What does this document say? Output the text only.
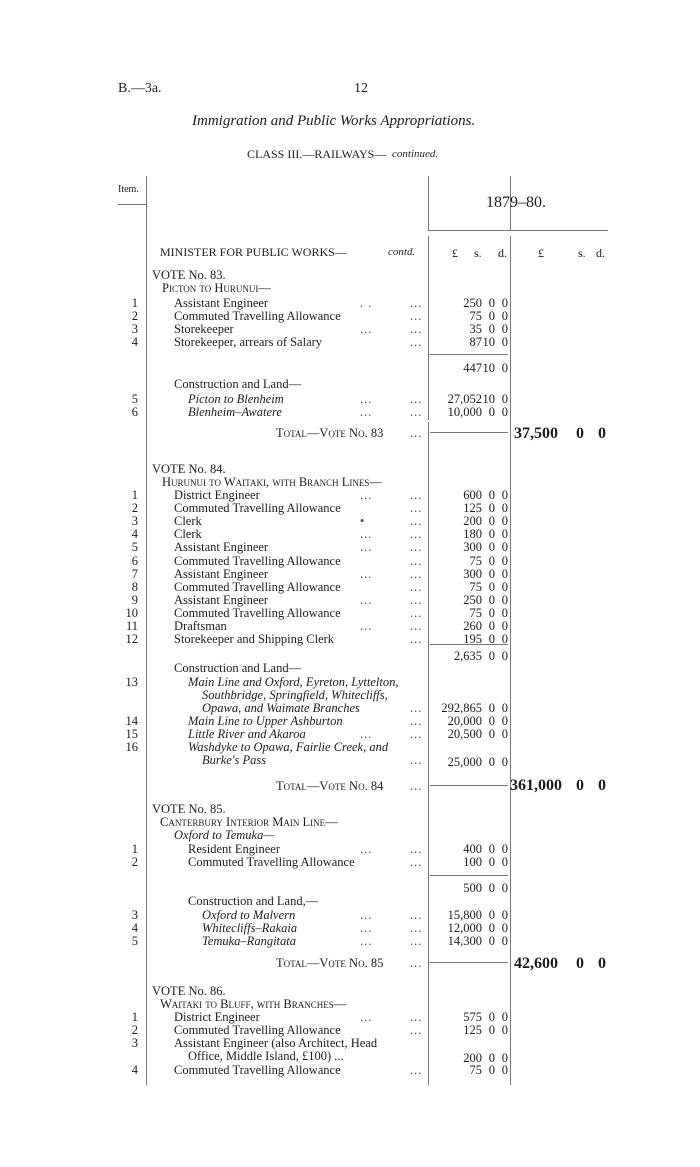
B.—3a.	12
Immigration and Public Works Appropriations.
CLASS III.—RAILWAYS— continued.
Item.
1879–80.
MINISTER FOR PUBLIC WORKS—	contd.	£ s. d.	£	s. d.
VOTE No. 83.
Picton to Hurunui—
1	Assistant Engineer	. .	...	250 0 0
2	Commuted Travelling Allowance	...	75 0 0
3	Storekeeper	...	...	35 0 0
4	Storekeeper, arrears of Salary	...	87 10 0
447 10 0
Construction and Land—
5	Picton to Blenheim	...	...	27,052 10 0
6	Blenheim–Awatere	...	...	10,000 0 0
Total—Vote No. 83 ...	37,500 0 0
VOTE No. 84.
Hurunui to Waitaki, with Branch Lines—
1	District Engineer	...	...	600 0 0
2	Commuted Travelling Allowance	...	125 0 0
3	Clerk	•	...	200 0 0
4	Clerk	...	...	180 0 0
5	Assistant Engineer	...	...	300 0 0
6	Commuted Travelling Allowance	...	75 0 0
7	Assistant Engineer	...	...	300 0 0
8	Commuted Travelling Allowance	...	75 0 0
9	Assistant Engineer	...	...	250 0 0
10	Commuted Travelling Allowance	...	75 0 0
11	Draftsman	...	...	260 0 0
12	Storekeeper and Shipping Clerk	...	195 0 0
2,635 0 0
Construction and Land—
13	Main Line and Oxford, Eyreton, Lyttelton,
Southbridge, Springfield, Whitecliffs,
Opawa, and Waimate Branches	...	292,865 0 0
14	Main Line to Upper Ashburton	...	20,000 0 0
15	Little River and Akaroa	...	...	20,500 0 0
16	Washdyke to Opawa, Fairlie Creek, and
Burke's Pass	...	25,000 0 0
Total—Vote No. 84 ...	361,000 0 0
VOTE No. 85.
Canterbury Interior Main Line—
Oxford to Temuka—
1	Resident Engineer	...	...	400 0 0
2	Commuted Travelling Allowance	...	100 0 0
500 0 0
Construction and Land,—
3	Oxford to Malvern	...	...	15,800 0 0
4	Whitecliffs–Rakaia	...	...	12,000 0 0
5	Temuka–Rangitata	...	...	14,300 0 0
Total—Vote No. 85 ...	42,600 0 0
VOTE No. 86.
Waitaki to Bluff, with Branches—
1	District Engineer	...	...	575 0 0
2	Commuted Travelling Allowance	...	125 0 0
3	Assistant Engineer (also Architect, Head
Office, Middle Island, £100) ...	200 0 0
4	Commuted Travelling Allowance	...	75 0 0
